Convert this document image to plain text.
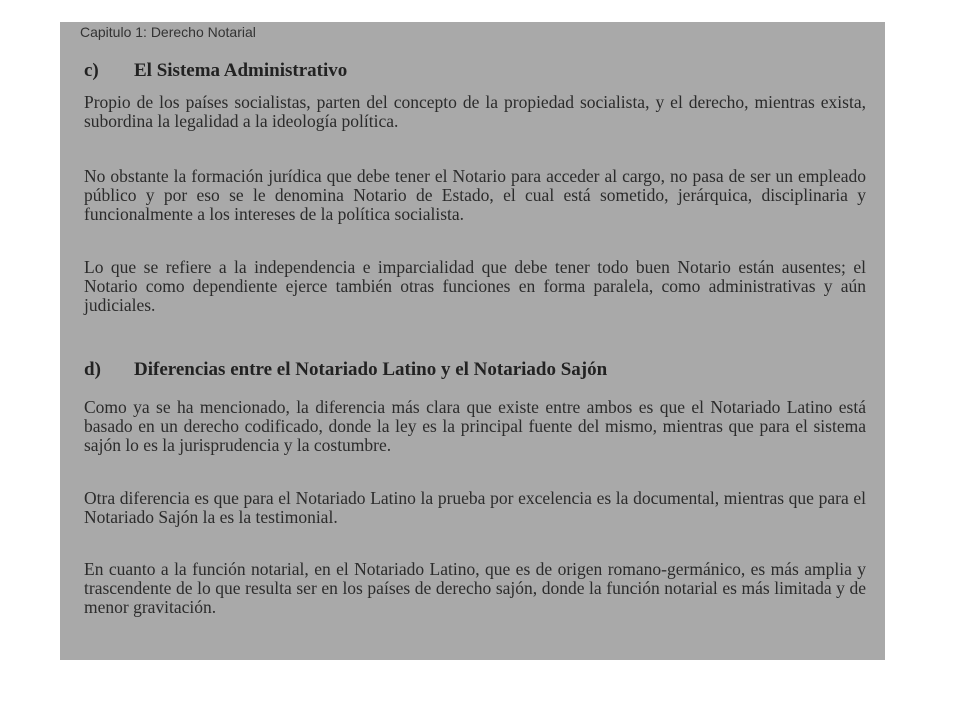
Capitulo 1: Derecho Notarial
c) El Sistema Administrativo

Propio de los países socialistas, parten del concepto de la propiedad socialista, y el derecho, mientras exista, subordina la legalidad a la ideología política.

No obstante la formación jurídica que debe tener el Notario para acceder al cargo, no pasa de ser un empleado público y por eso se le denomina Notario de Estado, el cual está sometido, jerárquica, disciplinaria y funcionalmente a los intereses de la política socialista.

Lo que se refiere a la independencia e imparcialidad que debe tener todo buen Notario están ausentes; el Notario como dependiente ejerce también otras funciones en forma paralela, como administrativas y aún judiciales.

d) Diferencias entre el Notariado Latino y el Notariado Sajón

Como ya se ha mencionado, la diferencia más clara que existe entre ambos es que el Notariado Latino está basado en un derecho codificado, donde la ley es la principal fuente del mismo, mientras que para el sistema sajón lo es la jurisprudencia y la costumbre.

Otra diferencia es que para el Notariado Latino la prueba por excelencia es la documental, mientras que para el Notariado Sajón la es la testimonial.

En cuanto a la función notarial, en el Notariado Latino, que es de origen romano-germánico, es más amplia y trascendente de lo que resulta ser en los países de derecho sajón, donde la función notarial es más limitada y de menor gravitación.
